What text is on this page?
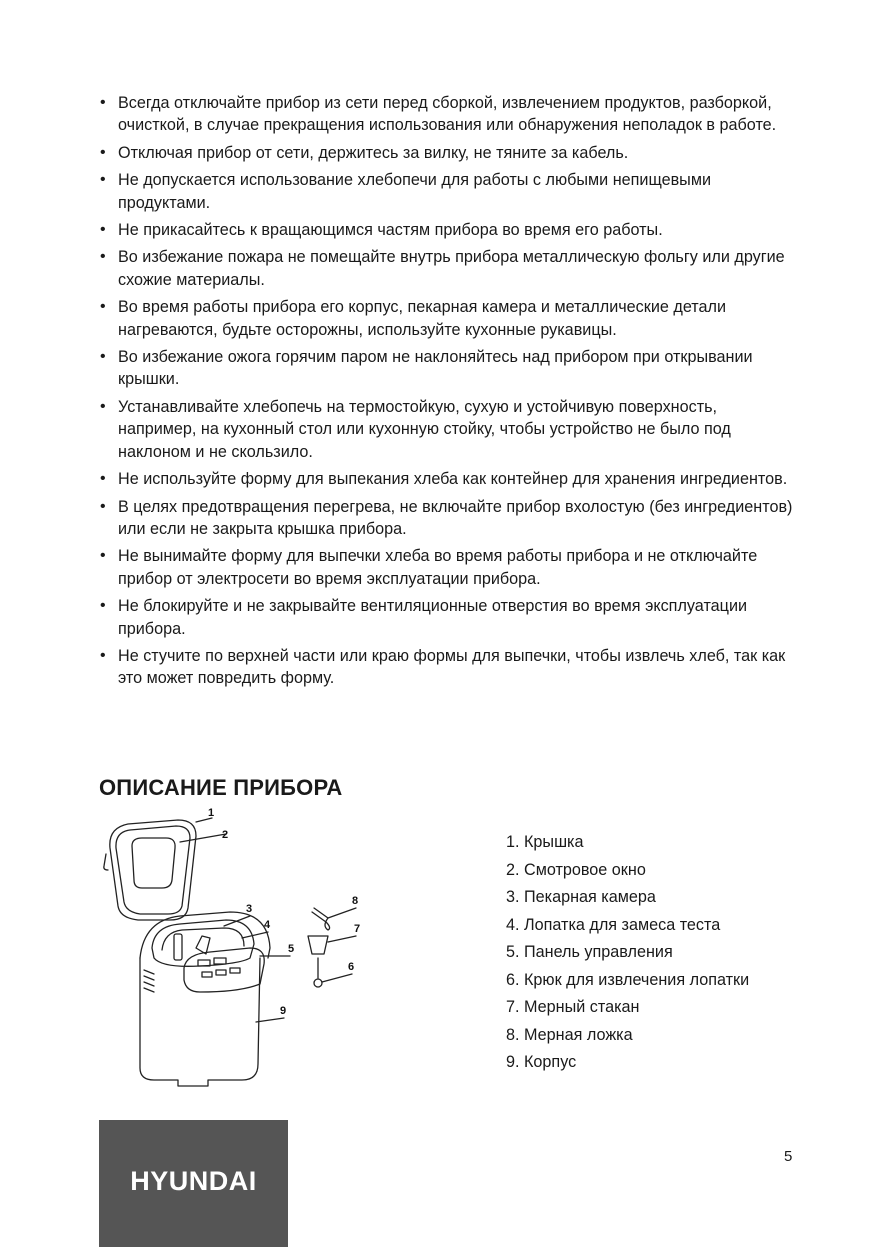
• Всегда отключайте прибор из сети перед сборкой, извлечением продуктов, разборкой, очисткой, в случае прекращения использования или обнаружения неполадок в работе.
• Отключая прибор от сети, держитесь за вилку, не тяните за кабель.
• Не допускается использование хлебопечи для работы с любыми непищевыми продуктами.
• Не прикасайтесь к вращающимся частям прибора во время его работы.
• Во избежание пожара не помещайте внутрь прибора металлическую фольгу или другие схожие материалы.
• Во время работы прибора его корпус, пекарная камера и металлические детали нагреваются, будьте осторожны, используйте кухонные рукавицы.
• Во избежание ожога горячим паром не наклоняйтесь над прибором при открывании крышки.
• Устанавливайте хлебопечь на термостойкую, сухую и устойчивую поверхность, например, на кухонный стол или кухонную стойку, чтобы устройство не было под наклоном и не скользило.
• Не используйте форму для выпекания хлеба как контейнер для хранения ингредиентов.
• В целях предотвращения перегрева, не включайте прибор вхолостую (без ингредиентов) или если не закрыта крышка прибора.
• Не вынимайте форму для выпечки хлеба во время работы прибора и не отключайте прибор от электросети во время эксплуатации прибора.
• Не блокируйте и не закрывайте вентиляционные отверстия во время эксплуатации прибора.
• Не стучите по верхней части или краю формы для выпечки, чтобы извлечь хлеб, так как это может повредить форму.
ОПИСАНИЕ ПРИБОРА
1
2
3
4
5
6
7
8
9
1. Крышка
2. Смотровое окно
3. Пекарная камера
4. Лопатка для замеса теста
5. Панель управления
6. Крюк для извлечения лопатки
7. Мерный стакан
8. Мерная ложка
9. Корпус
5
HYUNDAI
